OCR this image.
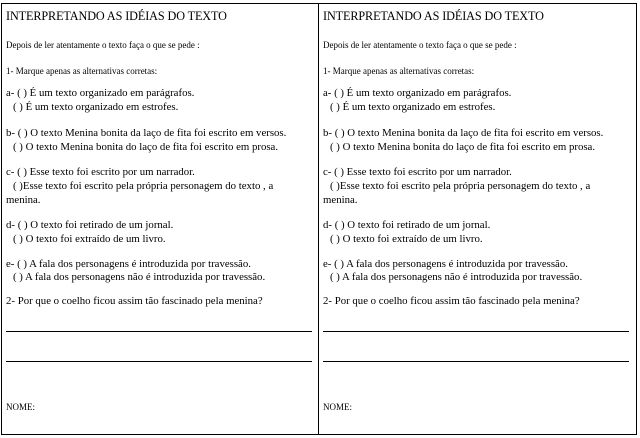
INTERPRETANDO AS IDÉIAS DO TEXTO
Depois de ler atentamente o texto faça o que se pede :
1- Marque apenas as alternativas corretas:
a- ( ) É um texto organizado em parágrafos.
( ) É um texto organizado em estrofes.
b- ( ) O texto Menina bonita da laço de fita foi escrito em versos.
( ) O texto Menina bonita do laço de fita foi escrito em prosa.
c- ( ) Esse texto foi escrito por um narrador.
( )Esse texto foi escrito pela própria personagem do texto , a
menina.
d- ( ) O texto foi retirado de um jornal.
( ) O texto foi extraído de um livro.
e- ( ) A fala dos personagens é introduzida por travessão.
( ) A fala dos personagens não é introduzida por travessão.
2- Por que o coelho ficou assim tão fascinado pela menina?
NOME:
INTERPRETANDO AS IDÉIAS DO TEXTO
Depois de ler atentamente o texto faça o que se pede :
1- Marque apenas as alternativas corretas:
a- ( ) É um texto organizado em parágrafos.
( ) É um texto organizado em estrofes.
b- ( ) O texto Menina bonita da laço de fita foi escrito em versos.
( ) O texto Menina bonita do laço de fita foi escrito em prosa.
c- ( ) Esse texto foi escrito por um narrador.
( )Esse texto foi escrito pela própria personagem do texto , a
menina.
d- ( ) O texto foi retirado de um jornal.
( ) O texto foi extraído de um livro.
e- ( ) A fala dos personagens é introduzida por travessão.
( ) A fala dos personagens não é introduzida por travessão.
2- Por que o coelho ficou assim tão fascinado pela menina?
NOME:
